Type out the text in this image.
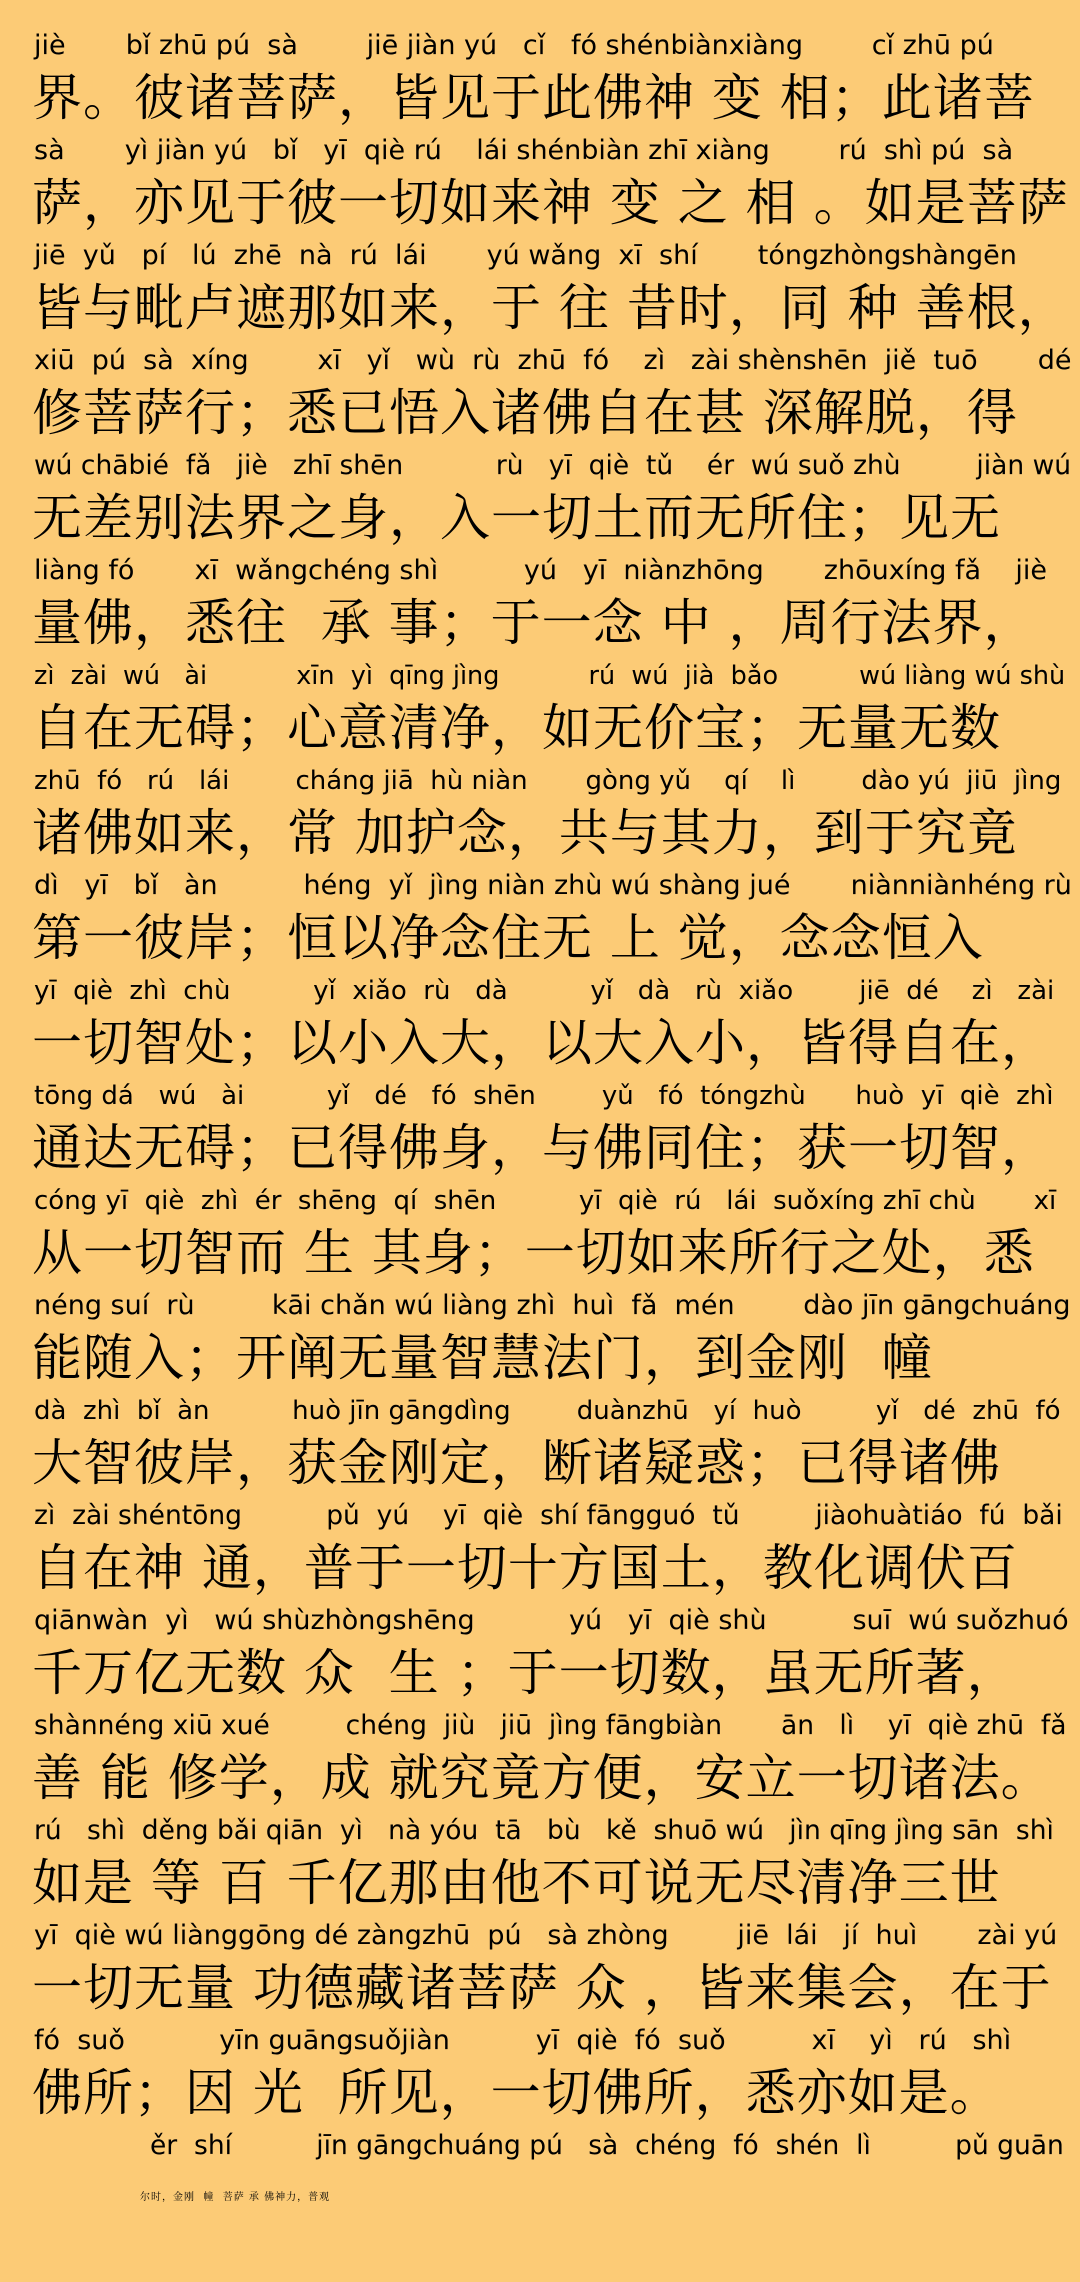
jiè       bǐ zhū pú  sà        jiē jiàn yú   cǐ   fó shénbiànxiàng        cǐ zhū pú
界。彼诸菩萨，皆见于此佛神 变 相；此诸菩
sà       yì jiàn yú   bǐ   yī  qiè rú    lái shénbiàn zhī xiàng        rú  shì pú  sà
萨，亦见于彼一切如来神 变 之 相 。如是菩萨
jiē  yǔ   pí   lú  zhē  nà  rú  lái       yú wǎng  xī  shí       tóngzhòngshàngēn
皆与毗卢遮那如来，于 往 昔时，同 种 善根，
xiū  pú  sà  xíng        xī   yǐ   wù  rù  zhū  fó    zì   zài shènshēn  jiě  tuō       dé
修菩萨行；悉已悟入诸佛自在甚 深解脱，得
wú chābié  fǎ   jiè   zhī shēn           rù   yī  qiè  tǔ    ér  wú suǒ zhù         jiàn wú
无差别法界之身，入一切土而无所住；见无
liàng fó       xī  wǎngchéng shì          yú   yī  niànzhōng       zhōuxíng fǎ    jiè
量佛，悉往  承 事；于一念 中 ，周行法界，
zì  zài  wú   ài           xīn  yì  qīng jìng           rú  wú  jià  bǎo          wú liàng wú shù
自在无碍；心意清净，如无价宝；无量无数
zhū  fó   rú   lái        cháng jiā  hù niàn       gòng yǔ    qí    lì        dào yú  jiū  jìng
诸佛如来，常 加护念，共与其力，到于究竟
dì   yī   bǐ   àn          héng  yǐ  jìng niàn zhù wú shàng jué       niànniànhéng rù
第一彼岸；恒以净念住无 上 觉，念念恒入
yī  qiè  zhì  chù          yǐ  xiǎo  rù   dà          yǐ   dà   rù  xiǎo        jiē  dé    zì   zài
一切智处；以小入大，以大入小，皆得自在，
tōng dá   wú   ài          yǐ   dé   fó  shēn        yǔ   fó  tóngzhù      huò  yī  qiè  zhì
通达无碍；已得佛身，与佛同住；获一切智，
cóng yī  qiè  zhì  ér  shēng  qí  shēn          yī  qiè  rú   lái  suǒxíng zhī chù       xī
从一切智而 生 其身；一切如来所行之处，悉
néng suí  rù         kāi chǎn wú liàng zhì  huì  fǎ  mén        dào jīn gāngchuáng
能随入；开阐无量智慧法门，到金刚  幢
dà  zhì  bǐ  àn          huò jīn gāngdìng        duànzhū   yí  huò         yǐ   dé  zhū  fó
大智彼岸，获金刚定，断诸疑惑；已得诸佛
zì  zài shéntōng          pǔ  yú    yī  qiè  shí fāngguó  tǔ         jiàohuàtiáo  fú  bǎi
自在神 通，普于一切十方国土，教化调伏百
qiānwàn  yì   wú shùzhòngshēng           yú   yī  qiè shù          suī  wú suǒzhuó
千万亿无数 众  生 ；于一切数，虽无所著，
shànnéng xiū xué         chéng  jiù   jiū  jìng fāngbiàn       ān   lì    yī  qiè zhū  fǎ
善 能 修学，成 就究竟方便，安立一切诸法。
rú   shì  děng bǎi qiān  yì   nà yóu  tā   bù   kě  shuō wú   jìn qīng jìng sān  shì
如是 等 百 千亿那由他不可说无尽清净三世
yī  qiè wú liànggōng dé zàngzhū  pú   sà zhòng        jiē  lái   jí  huì       zài yú
一切无量 功德藏诸菩萨 众 ，皆来集会，在于
fó  suǒ           yīn guāngsuǒjiàn          yī  qiè  fó  suǒ          xī    yì   rú   shì
佛所；因 光  所见，一切佛所，悉亦如是。
ěr  shí          jīn gāngchuáng pú   sà  chéng  fó  shén  lì          pǔ guān
尔时，金刚  幢  菩萨 承 佛神力，普观
